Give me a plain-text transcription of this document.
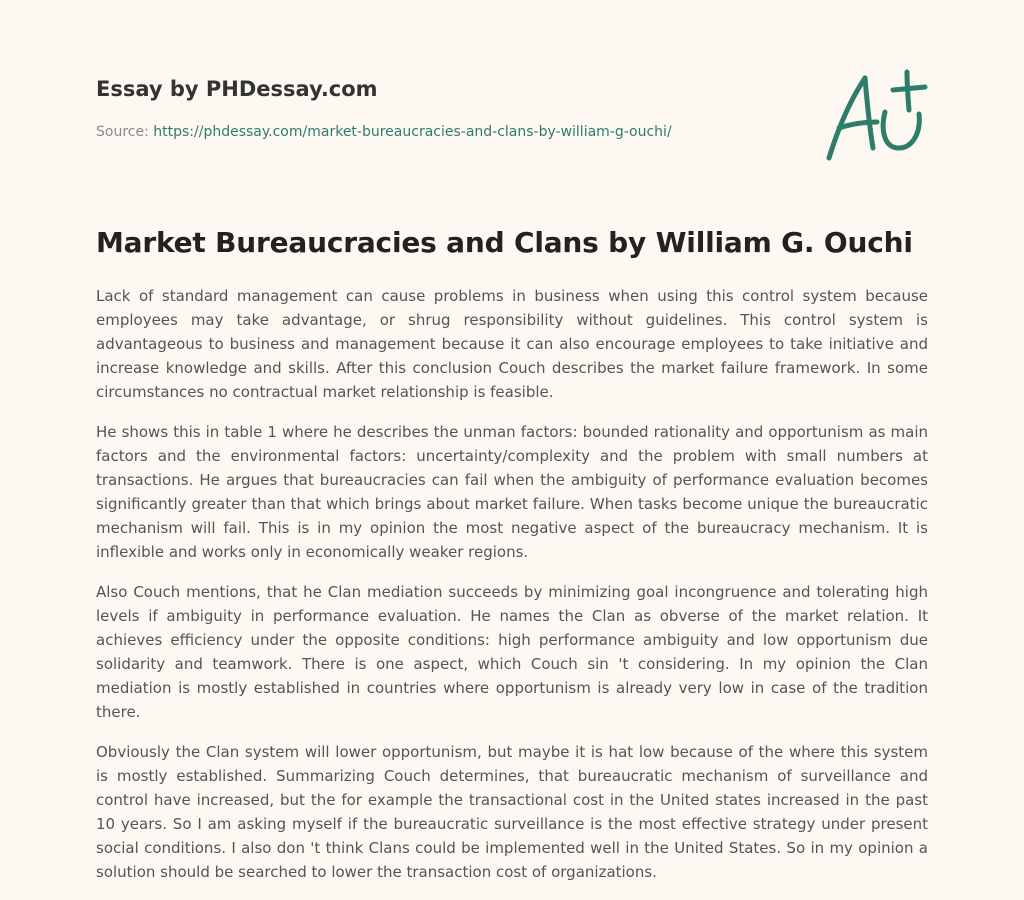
Essay by PHDessay.com
Source: https://phdessay.com/market-bureaucracies-and-clans-by-william-g-ouchi/
Market Bureaucracies and Clans by William G. Ouchi

Lack of standard management can cause problems in business when using this control system because employees may take advantage, or shrug responsibility without guidelines. This control system is advantageous to business and management because it can also encourage employees to take initiative and increase knowledge and skills. After this conclusion Couch describes the market failure framework. In some circumstances no contractual market relationship is feasible.

He shows this in table 1 where he describes the unman factors: bounded rationality and opportunism as main factors and the environmental factors: uncertainty/complexity and the problem with small numbers at transactions. He argues that bureaucracies can fail when the ambiguity of performance evaluation becomes significantly greater than that which brings about market failure. When tasks become unique the bureaucratic mechanism will fail. This is in my opinion the most negative aspect of the bureaucracy mechanism. It is inflexible and works only in economically weaker regions.

Also Couch mentions, that he Clan mediation succeeds by minimizing goal incongruence and tolerating high levels if ambiguity in performance evaluation. He names the Clan as obverse of the market relation. It achieves efficiency under the opposite conditions: high performance ambiguity and low opportunism due solidarity and teamwork. There is one aspect, which Couch sin 't considering. In my opinion the Clan mediation is mostly established in countries where opportunism is already very low in case of the tradition there.

Obviously the Clan system will lower opportunism, but maybe it is hat low because of the where this system is mostly established. Summarizing Couch determines, that bureaucratic mechanism of surveillance and control have increased, but the for example the transactional cost in the United states increased in the past 10 years. So I am asking myself if the bureaucratic surveillance is the most effective strategy under present social conditions. I also don 't think Clans could be implemented well in the United States. So in my opinion a solution should be searched to lower the transaction cost of organizations.
